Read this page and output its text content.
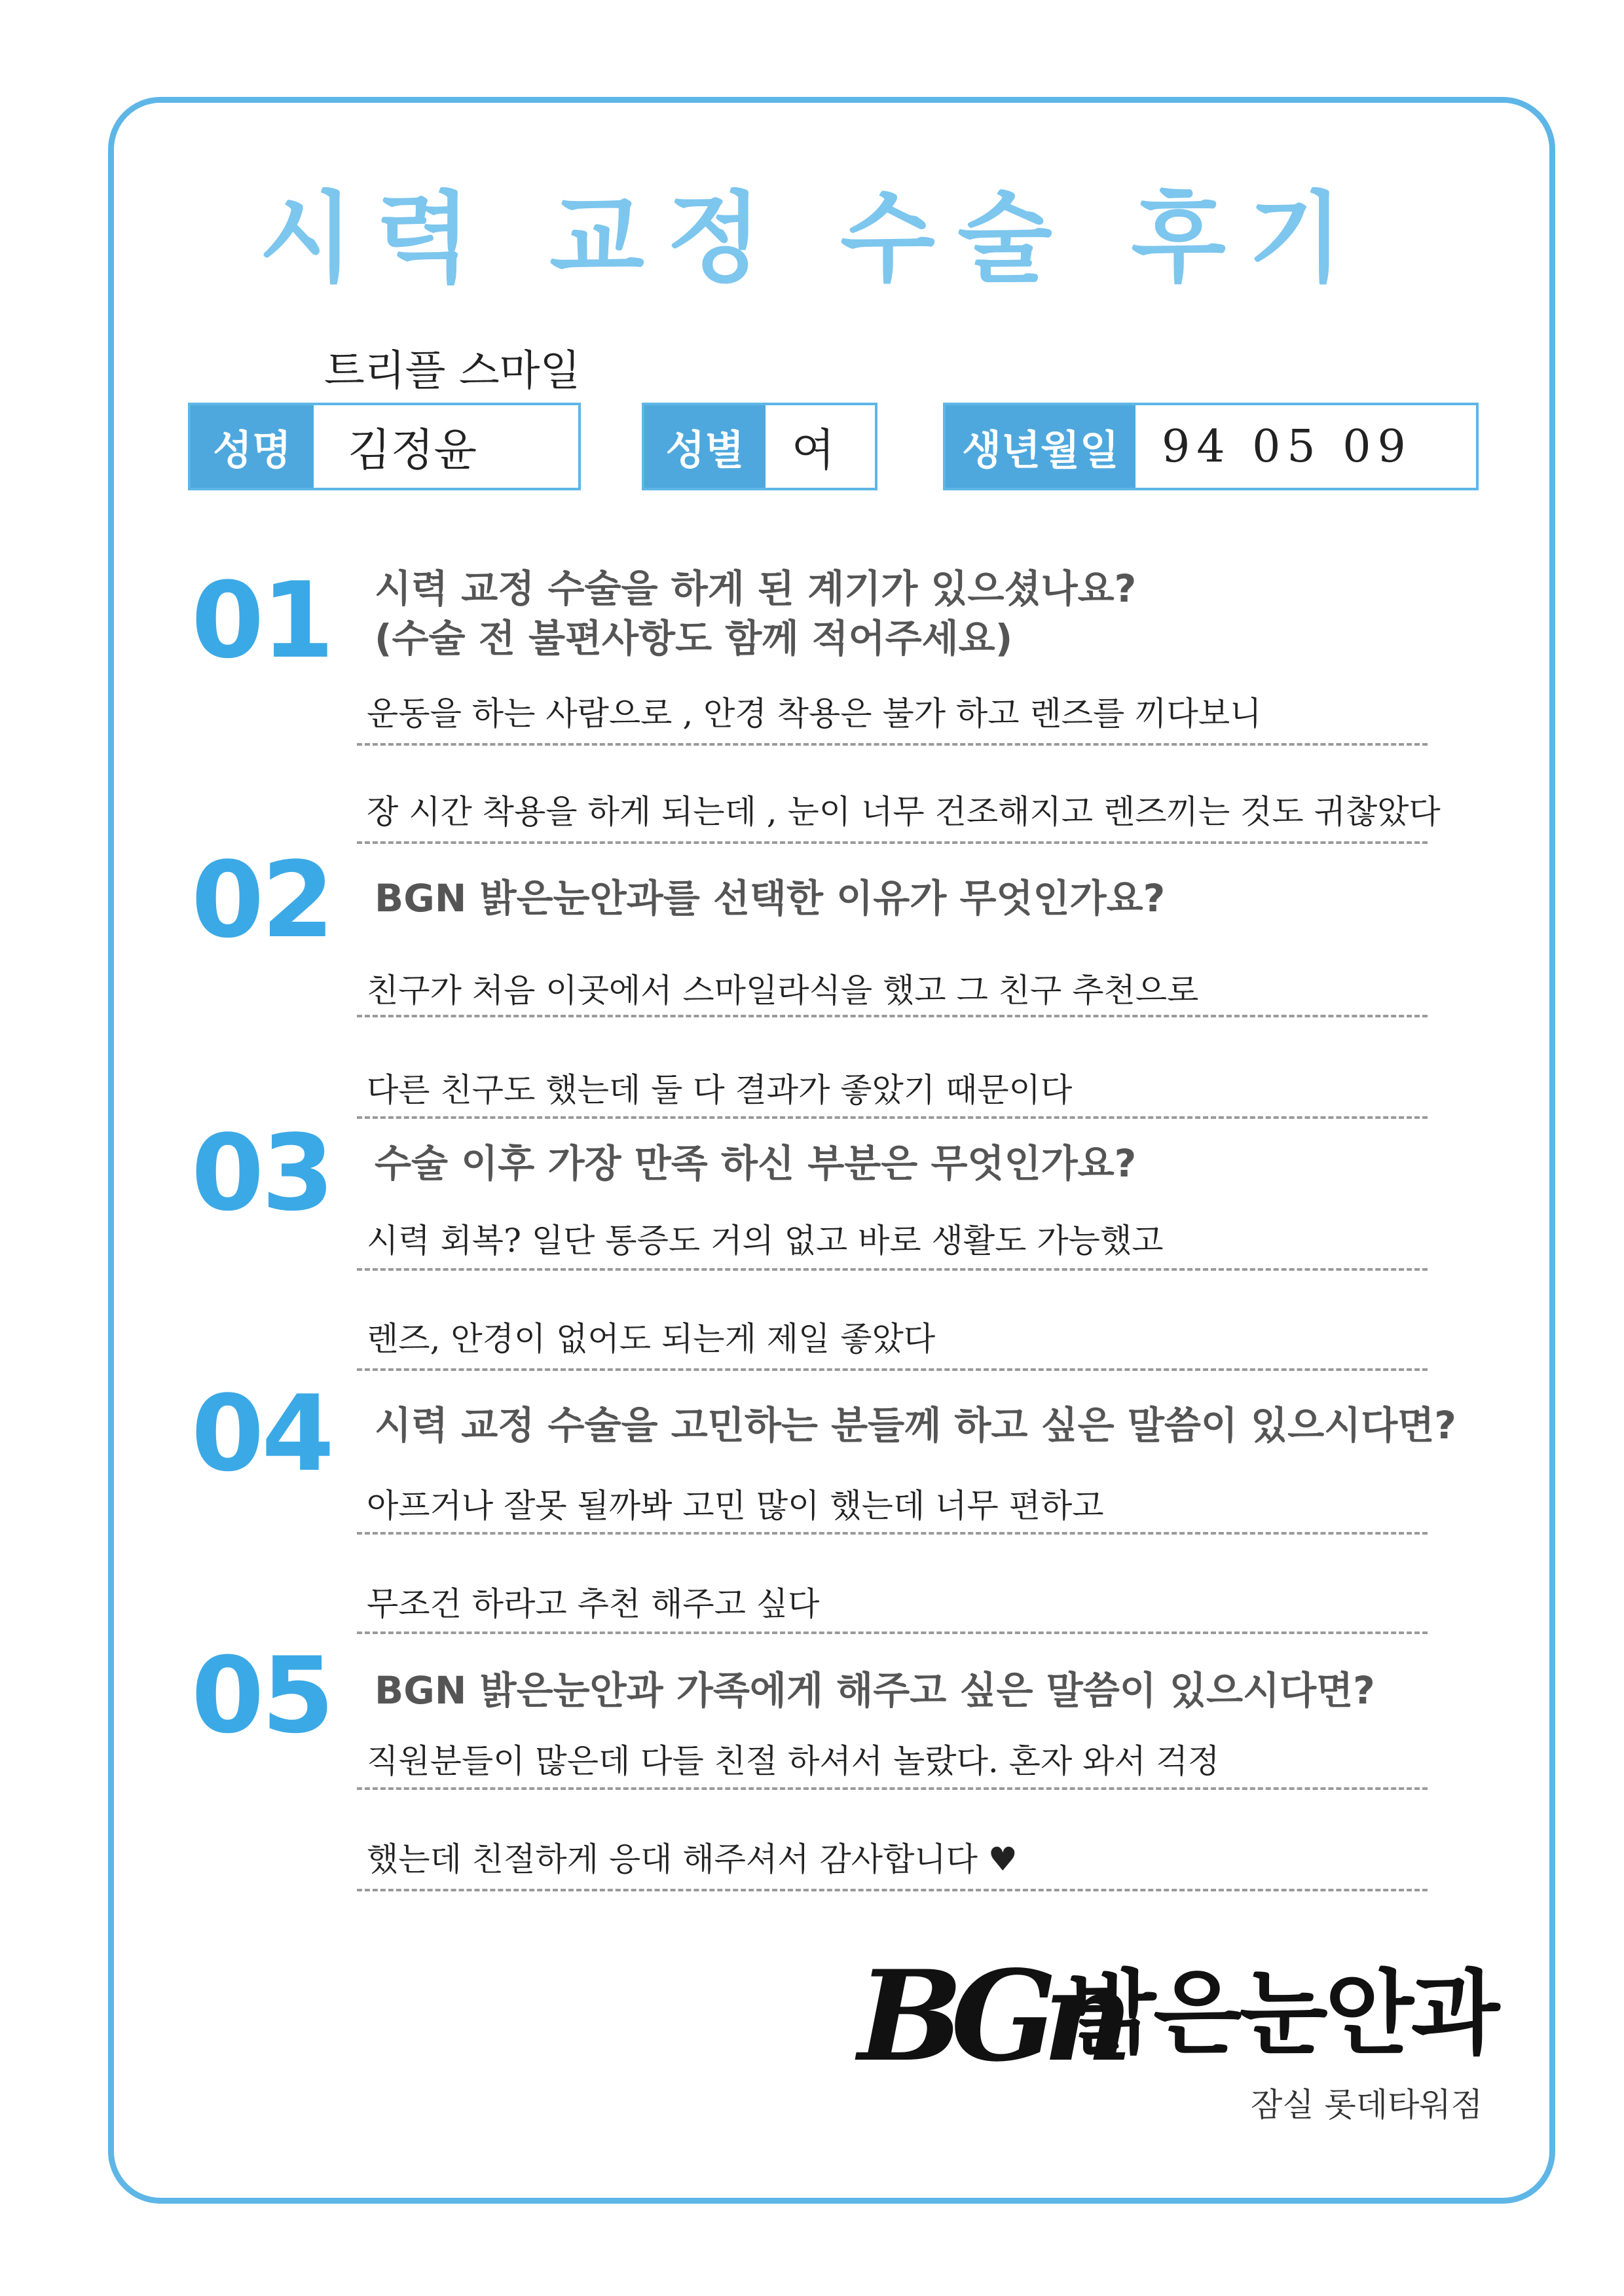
시력 교정 수술 후기
트리플 스마일
성명	김정윤	성별	여	생년월일 94 05 09
01 시력 교정 수술을 하게 된 계기가 있으셨나요?
(수술 전 불편사항도 함께 적어주세요)
운동을 하는 사람으로 , 안경 착용은 불가 하고 렌즈를 끼다보니
장 시간 착용을 하게 되는데 , 눈이 너무 건조해지고 렌즈끼는 것도 귀찮았다
02 BGN 밝은눈안과를 선택한 이유가 무엇인가요?
친구가 처음 이곳에서 스마일라식을 했고 그 친구 추천으로
다른 친구도 했는데 둘 다 결과가 좋았기 때문이다
03 수술 이후 가장 만족 하신 부분은 무엇인가요?
시력 회복? 일단 통증도 거의 없고 바로 생활도 가능했고
렌즈, 안경이 없어도 되는게 제일 좋았다
04 시력 교정 수술을 고민하는 분들께 하고 싶은 말씀이 있으시다면?
아프거나 잘못 될까봐 고민 많이 했는데 너무 편하고
무조건 하라고 추천 해주고 싶다
05 BGN 밝은눈안과 가족에게 해주고 싶은 말씀이 있으시다면?
직원분들이 많은데 다들 친절 하셔서 놀랐다. 혼자 와서 걱정
했는데 친절하게 응대 해주셔서 감사합니다 ♥
BGn
밝은눈안과
잠실 롯데타워점
